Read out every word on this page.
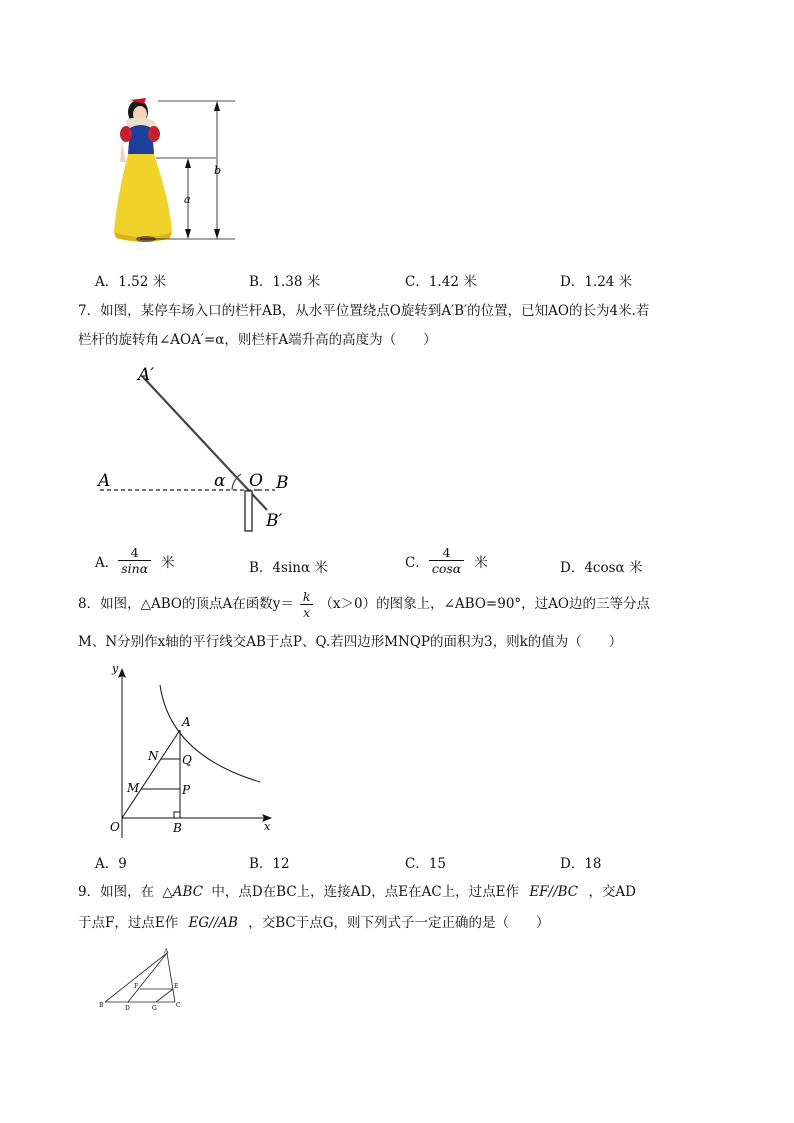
b
a
A．1.52 米	B．1.38 米	C．1.42 米	D．1.24 米
7．如图，某停车场入口的栏杆AB，从水平位置绕点O旋转到A′B′的位置，已知AO的长为4米.若
栏杆的旋转角∠AOA′=α，则栏杆A端升高的高度为（　　）
A′
A	α O B
B′
A． $\frac{4}{\sin\alpha}$ 米	B．4sinα 米	C． $\frac{4}{\cos\alpha}$ 米	D．4cosα 米
8．如图，△ABO的顶点A在函数$y= \frac{k}{x} (x>0)$的图象上，∠ABO=90°，过AO边的三等分点
M、N分别作x轴的平行线交AB于点P、Q.若四边形MNQP的面积为3，则k的值为（　　）
y
x
O
A
B
N Q
M	P
A．9	B．12	C．15	D．18
9．如图，在 △ABC 中，点D在BC上，连接AD，点E在AC上，过点E作 EF//BC ，交AD
于点F，过点E作 EG//AB ，交BC于点G，则下列式子一定正确的是（　　）
A
B	C
D	G
F	E
